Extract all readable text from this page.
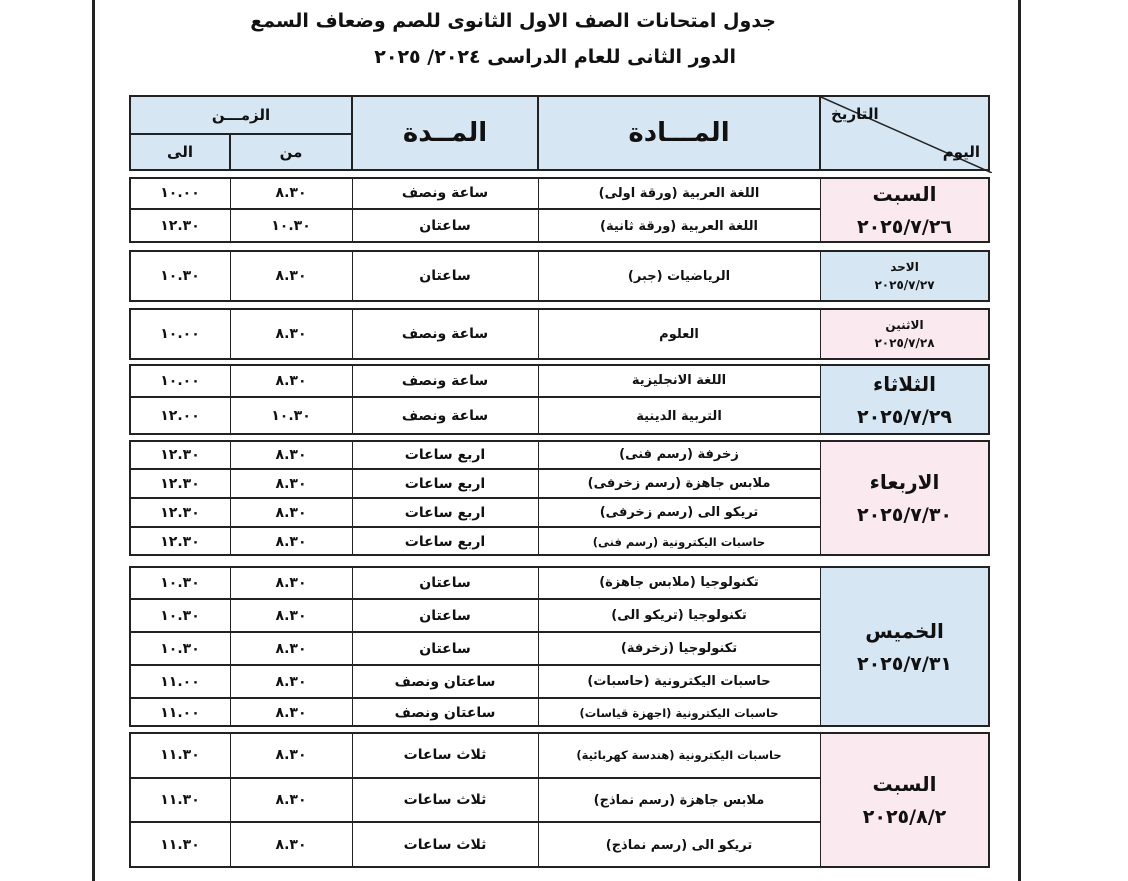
جدول امتحانات الصف الاول الثانوى للصم وضعاف السمع
الدور الثانى للعام الدراسى ٢٠٢٤/ ٢٠٢٥
التاريخ
اليوم
المـــادة
المــدة
الزمـــن
من
الى
السبت
٢٠٢٥/٧/٢٦
اللغة العربية (ورقة اولى)
ساعة ونصف
٨.٣٠
١٠.٠٠
اللغة العربية (ورقة ثانية)
ساعتان
١٠.٣٠
١٢.٣٠
الاحد
٢٠٢٥/٧/٢٧
الرياضيات (جبر)
ساعتان
٨.٣٠
١٠.٣٠
الاثنين
٢٠٢٥/٧/٢٨
العلوم
ساعة ونصف
٨.٣٠
١٠.٠٠
الثلاثاء
٢٠٢٥/٧/٢٩
اللغة الانجليزية
ساعة ونصف
٨.٣٠
١٠.٠٠
التربية الدينية
ساعة ونصف
١٠.٣٠
١٢.٠٠
الاربعاء
٢٠٢٥/٧/٣٠
زخرفة (رسم فنى)
اربع ساعات
٨.٣٠
١٢.٣٠
ملابس جاهزة (رسم زخرفى)
اربع ساعات
٨.٣٠
١٢.٣٠
تريكو الى (رسم زخرفى)
اربع ساعات
٨.٣٠
١٢.٣٠
حاسبات اليكترونية (رسم فنى)
اربع ساعات
٨.٣٠
١٢.٣٠
الخميس
٢٠٢٥/٧/٣١
تكنولوجيا (ملابس جاهزة)
ساعتان
٨.٣٠
١٠.٣٠
تكنولوجيا (تريكو الى)
ساعتان
٨.٣٠
١٠.٣٠
تكنولوجيا (زخرفة)
ساعتان
٨.٣٠
١٠.٣٠
حاسبات اليكترونية (حاسبات)
ساعتان ونصف
٨.٣٠
١١.٠٠
حاسبات اليكترونية (اجهزة قياسات)
ساعتان ونصف
٨.٣٠
١١.٠٠
السبت
٢٠٢٥/٨/٢
حاسبات اليكترونية (هندسة كهربائية)
ثلاث ساعات
٨.٣٠
١١.٣٠
ملابس جاهزة (رسم نماذج)
ثلاث ساعات
٨.٣٠
١١.٣٠
تريكو الى (رسم نماذج)
ثلاث ساعات
٨.٣٠
١١.٣٠
